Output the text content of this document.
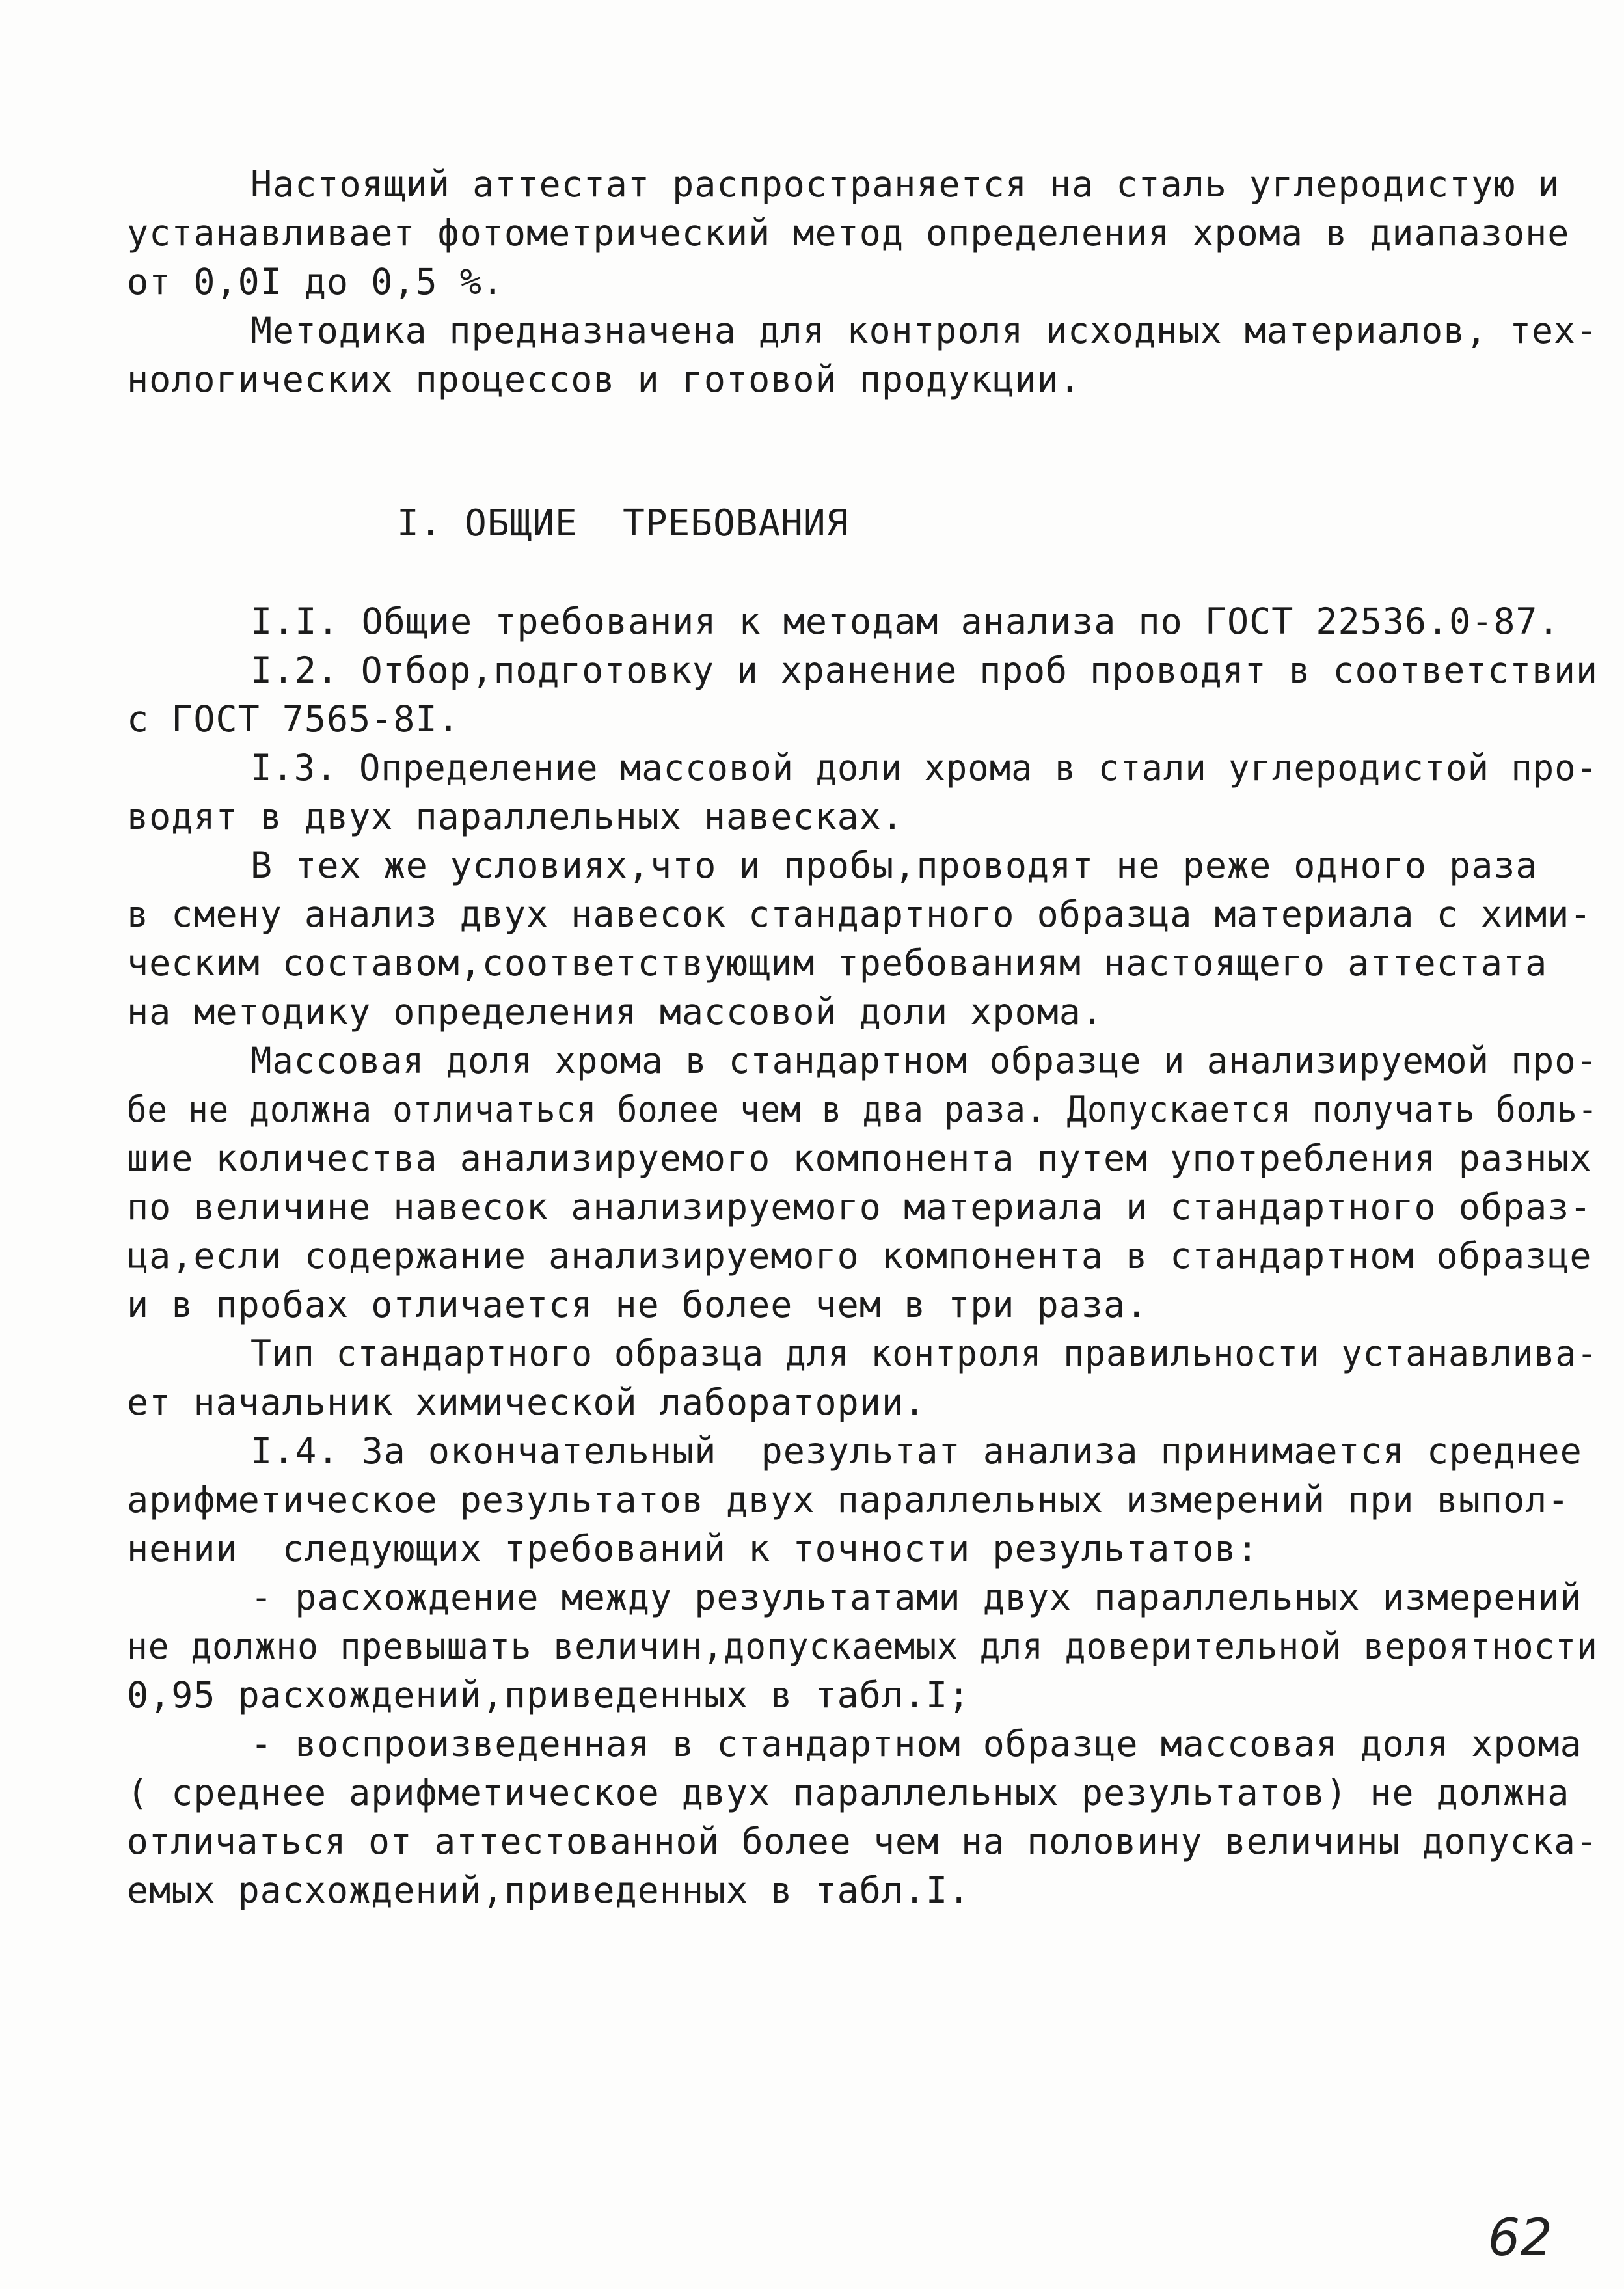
Настоящий аттестат распространяется на сталь углеродистую и
устанавливает фотометрический метод определения хрома в диапазоне
от 0,0I до 0,5 %.
Методика предназначена для контроля исходных материалов, тех-
нологических процессов и готовой продукции.
I. ОБЩИЕ  ТРЕБОВАНИЯ
I.I. Общие требования к методам анализа по ГОСТ 22536.0-87.
I.2. Отбор,подготовку и хранение проб проводят в соответствии
с ГОСТ 7565-8I.
I.3. Определение массовой доли хрома в стали углеродистой про-
водят в двух параллельных навесках.
В тех же условиях,что и пробы,проводят не реже одного раза
в смену анализ двух навесок стандартного образца материала с хими-
ческим составом,соответствующим требованиям настоящего аттестата
на методику определения массовой доли хрома.
Массовая доля хрома в стандартном образце и анализируемой про-
бе не должна отличаться более чем в два раза. Допускается получать боль-
шие количества анализируемого компонента путем употребления разных
по величине навесок анализируемого материала и стандартного образ-
ца,если содержание анализируемого компонента в стандартном образце
и в пробах отличается не более чем в три раза.
Тип стандартного образца для контроля правильности устанавлива-
ет начальник химической лаборатории.
I.4. За окончательный  результат анализа принимается среднее
арифметическое результатов двух параллельных измерений при выпол-
нении  следующих требований к точности результатов:
- расхождение между результатами двух параллельных измерений
не должно превышать величин,допускаемых для доверительной вероятности
0,95 расхождений,приведенных в табл.I;
- воспроизведенная в стандартном образце массовая доля хрома
( среднее арифметическое двух параллельных результатов) не должна
отличаться от аттестованной более чем на половину величины допуска-
емых расхождений,приведенных в табл.I.
62
